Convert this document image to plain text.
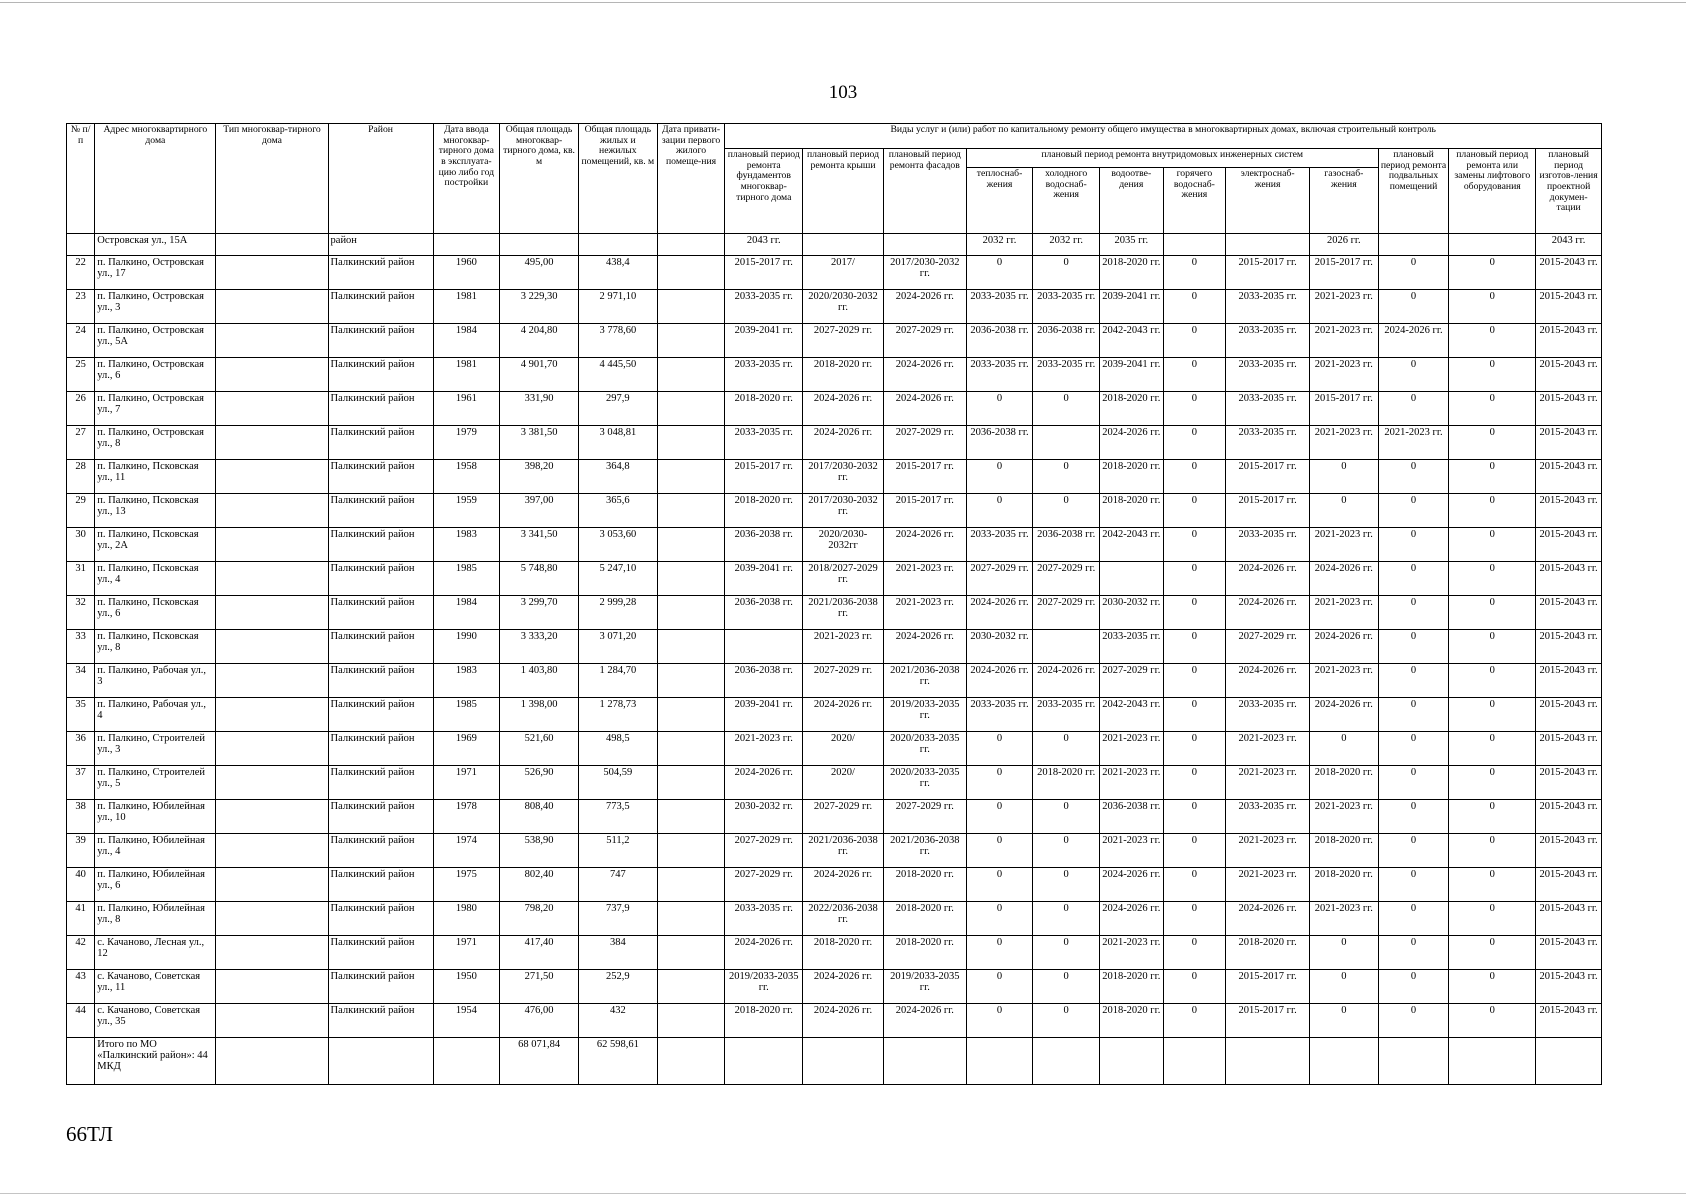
103
№ п/п	Адрес многоквартирного дома	Тип многоквар-тирного дома	Район	Дата ввода многоквар-тирного дома в эксплуата-цию либо год постройки	Общая площадь многоквар-тирного дома, кв. м	Общая площадь жилых и нежилых помещений, кв. м	Дата привати-зации первого жилого помеще-ния	Виды услуг и (или) работ по капитальному ремонту общего имущества в многоквартирных домах, включая строительный контроль											
								плановый период ремонта фундаментов многоквар-тирного дома	плановый период ремонта крыши	плановый период ремонта фасадов	плановый период ремонта внутридомовых инженерных систем						плановый период ремонта подвальных помещений	плановый период ремонта или замены лифтового оборудования	плановый период изготов-ления проектной докумен-тации
											теплоснаб-жения	холодного водоснаб-жения	водоотве-дения	горячего водоснаб-жения	электроснаб-жения	газоснаб-жения			
	Островская ул., 15А		район					2043 гг.			2032 гг.	2032 гг.	2035 гг.			2026 гг.			2043 гг.
22	п. Палкино, Островская ул., 17		Палкинский район	1960	495,00	438,4		2015-2017 гг.	2017/	2017/2030-2032 гг.	0	0	2018-2020 гг.	0	2015-2017 гг.	2015-2017 гг.	0	0	2015-2043 гг.
23	п. Палкино, Островская ул., 3		Палкинский район	1981	3 229,30	2 971,10		2033-2035 гг.	2020/2030-2032 гг.	2024-2026 гг.	2033-2035 гг.	2033-2035 гг.	2039-2041 гг.	0	2033-2035 гг.	2021-2023 гг.	0	0	2015-2043 гг.
24	п. Палкино, Островская ул., 5А		Палкинский район	1984	4 204,80	3 778,60		2039-2041 гг.	2027-2029 гг.	2027-2029 гг.	2036-2038 гг.	2036-2038 гг.	2042-2043 гг.	0	2033-2035 гг.	2021-2023 гг.	2024-2026 гг.	0	2015-2043 гг.
25	п. Палкино, Островская ул., 6		Палкинский район	1981	4 901,70	4 445,50		2033-2035 гг.	2018-2020 гг.	2024-2026 гг.	2033-2035 гг.	2033-2035 гг.	2039-2041 гг.	0	2033-2035 гг.	2021-2023 гг.	0	0	2015-2043 гг.
26	п. Палкино, Островская ул., 7		Палкинский район	1961	331,90	297,9		2018-2020 гг.	2024-2026 гг.	2024-2026 гг.	0	0	2018-2020 гг.	0	2033-2035 гг.	2015-2017 гг.	0	0	2015-2043 гг.
27	п. Палкино, Островская ул., 8		Палкинский район	1979	3 381,50	3 048,81		2033-2035 гг.	2024-2026 гг.	2027-2029 гг.	2036-2038 гг.		2024-2026 гг.	0	2033-2035 гг.	2021-2023 гг.	2021-2023 гг.	0	2015-2043 гг.
28	п. Палкино, Псковская ул., 11		Палкинский район	1958	398,20	364,8		2015-2017 гг.	2017/2030-2032 гг.	2015-2017 гг.	0	0	2018-2020 гг.	0	2015-2017 гг.	0	0	0	2015-2043 гг.
29	п. Палкино, Псковская ул., 13		Палкинский район	1959	397,00	365,6		2018-2020 гг.	2017/2030-2032 гг.	2015-2017 гг.	0	0	2018-2020 гг.	0	2015-2017 гг.	0	0	0	2015-2043 гг.
30	п. Палкино, Псковская ул., 2А		Палкинский район	1983	3 341,50	3 053,60		2036-2038 гг.	2020/2030-2032гг	2024-2026 гг.	2033-2035 гг.	2036-2038 гг.	2042-2043 гг.	0	2033-2035 гг.	2021-2023 гг.	0	0	2015-2043 гг.
31	п. Палкино, Псковская ул., 4		Палкинский район	1985	5 748,80	5 247,10		2039-2041 гг.	2018/2027-2029 гг.	2021-2023 гг.	2027-2029 гг.	2027-2029 гг.		0	2024-2026 гг.	2024-2026 гг.	0	0	2015-2043 гг.
32	п. Палкино, Псковская ул., 6		Палкинский район	1984	3 299,70	2 999,28		2036-2038 гг.	2021/2036-2038 гг.	2021-2023 гг.	2024-2026 гг.	2027-2029 гг.	2030-2032 гг.	0	2024-2026 гг.	2021-2023 гг.	0	0	2015-2043 гг.
33	п. Палкино, Псковская ул., 8		Палкинский район	1990	3 333,20	3 071,20			2021-2023 гг.	2024-2026 гг.	2030-2032 гг.		2033-2035 гг.	0	2027-2029 гг.	2024-2026 гг.	0	0	2015-2043 гг.
34	п. Палкино, Рабочая ул., 3		Палкинский район	1983	1 403,80	1 284,70		2036-2038 гг.	2027-2029 гг.	2021/2036-2038 гг.	2024-2026 гг.	2024-2026 гг.	2027-2029 гг.	0	2024-2026 гг.	2021-2023 гг.	0	0	2015-2043 гг.
35	п. Палкино, Рабочая ул., 4		Палкинский район	1985	1 398,00	1 278,73		2039-2041 гг.	2024-2026 гг.	2019/2033-2035 гг.	2033-2035 гг.	2033-2035 гг.	2042-2043 гг.	0	2033-2035 гг.	2024-2026 гг.	0	0	2015-2043 гг.
36	п. Палкино, Строителей ул., 3		Палкинский район	1969	521,60	498,5		2021-2023 гг.	2020/	2020/2033-2035 гг.	0	0	2021-2023 гг.	0	2021-2023 гг.	0	0	0	2015-2043 гг.
37	п. Палкино, Строителей ул., 5		Палкинский район	1971	526,90	504,59		2024-2026 гг.	2020/	2020/2033-2035 гг.	0	2018-2020 гг.	2021-2023 гг.	0	2021-2023 гг.	2018-2020 гг.	0	0	2015-2043 гг.
38	п. Палкино, Юбилейная ул., 10		Палкинский район	1978	808,40	773,5		2030-2032 гг.	2027-2029 гг.	2027-2029 гг.	0	0	2036-2038 гг.	0	2033-2035 гг.	2021-2023 гг.	0	0	2015-2043 гг.
39	п. Палкино, Юбилейная ул., 4		Палкинский район	1974	538,90	511,2		2027-2029 гг.	2021/2036-2038 гг.	2021/2036-2038 гг.	0	0	2021-2023 гг.	0	2021-2023 гг.	2018-2020 гг.	0	0	2015-2043 гг.
40	п. Палкино, Юбилейная ул., 6		Палкинский район	1975	802,40	747		2027-2029 гг.	2024-2026 гг.	2018-2020 гг.	0	0	2024-2026 гг.	0	2021-2023 гг.	2018-2020 гг.	0	0	2015-2043 гг.
41	п. Палкино, Юбилейная ул., 8		Палкинский район	1980	798,20	737,9		2033-2035 гг.	2022/2036-2038 гг.	2018-2020 гг.	0	0	2024-2026 гг.	0	2024-2026 гг.	2021-2023 гг.	0	0	2015-2043 гг.
42	с. Качаново, Лесная ул., 12		Палкинский район	1971	417,40	384		2024-2026 гг.	2018-2020 гг.	2018-2020 гг.	0	0	2021-2023 гг.	0	2018-2020 гг.	0	0	0	2015-2043 гг.
43	с. Качаново, Советская ул., 11		Палкинский район	1950	271,50	252,9		2019/2033-2035 гг.	2024-2026 гг.	2019/2033-2035 гг.	0	0	2018-2020 гг.	0	2015-2017 гг.	0	0	0	2015-2043 гг.
44	с. Качаново, Советская ул., 35		Палкинский район	1954	476,00	432		2018-2020 гг.	2024-2026 гг.	2024-2026 гг.	0	0	2018-2020 гг.	0	2015-2017 гг.	0	0	0	2015-2043 гг.
	Итого по МО «Палкинский район»: 44 МКД				68 071,84	62 598,61													
66ТЛ
